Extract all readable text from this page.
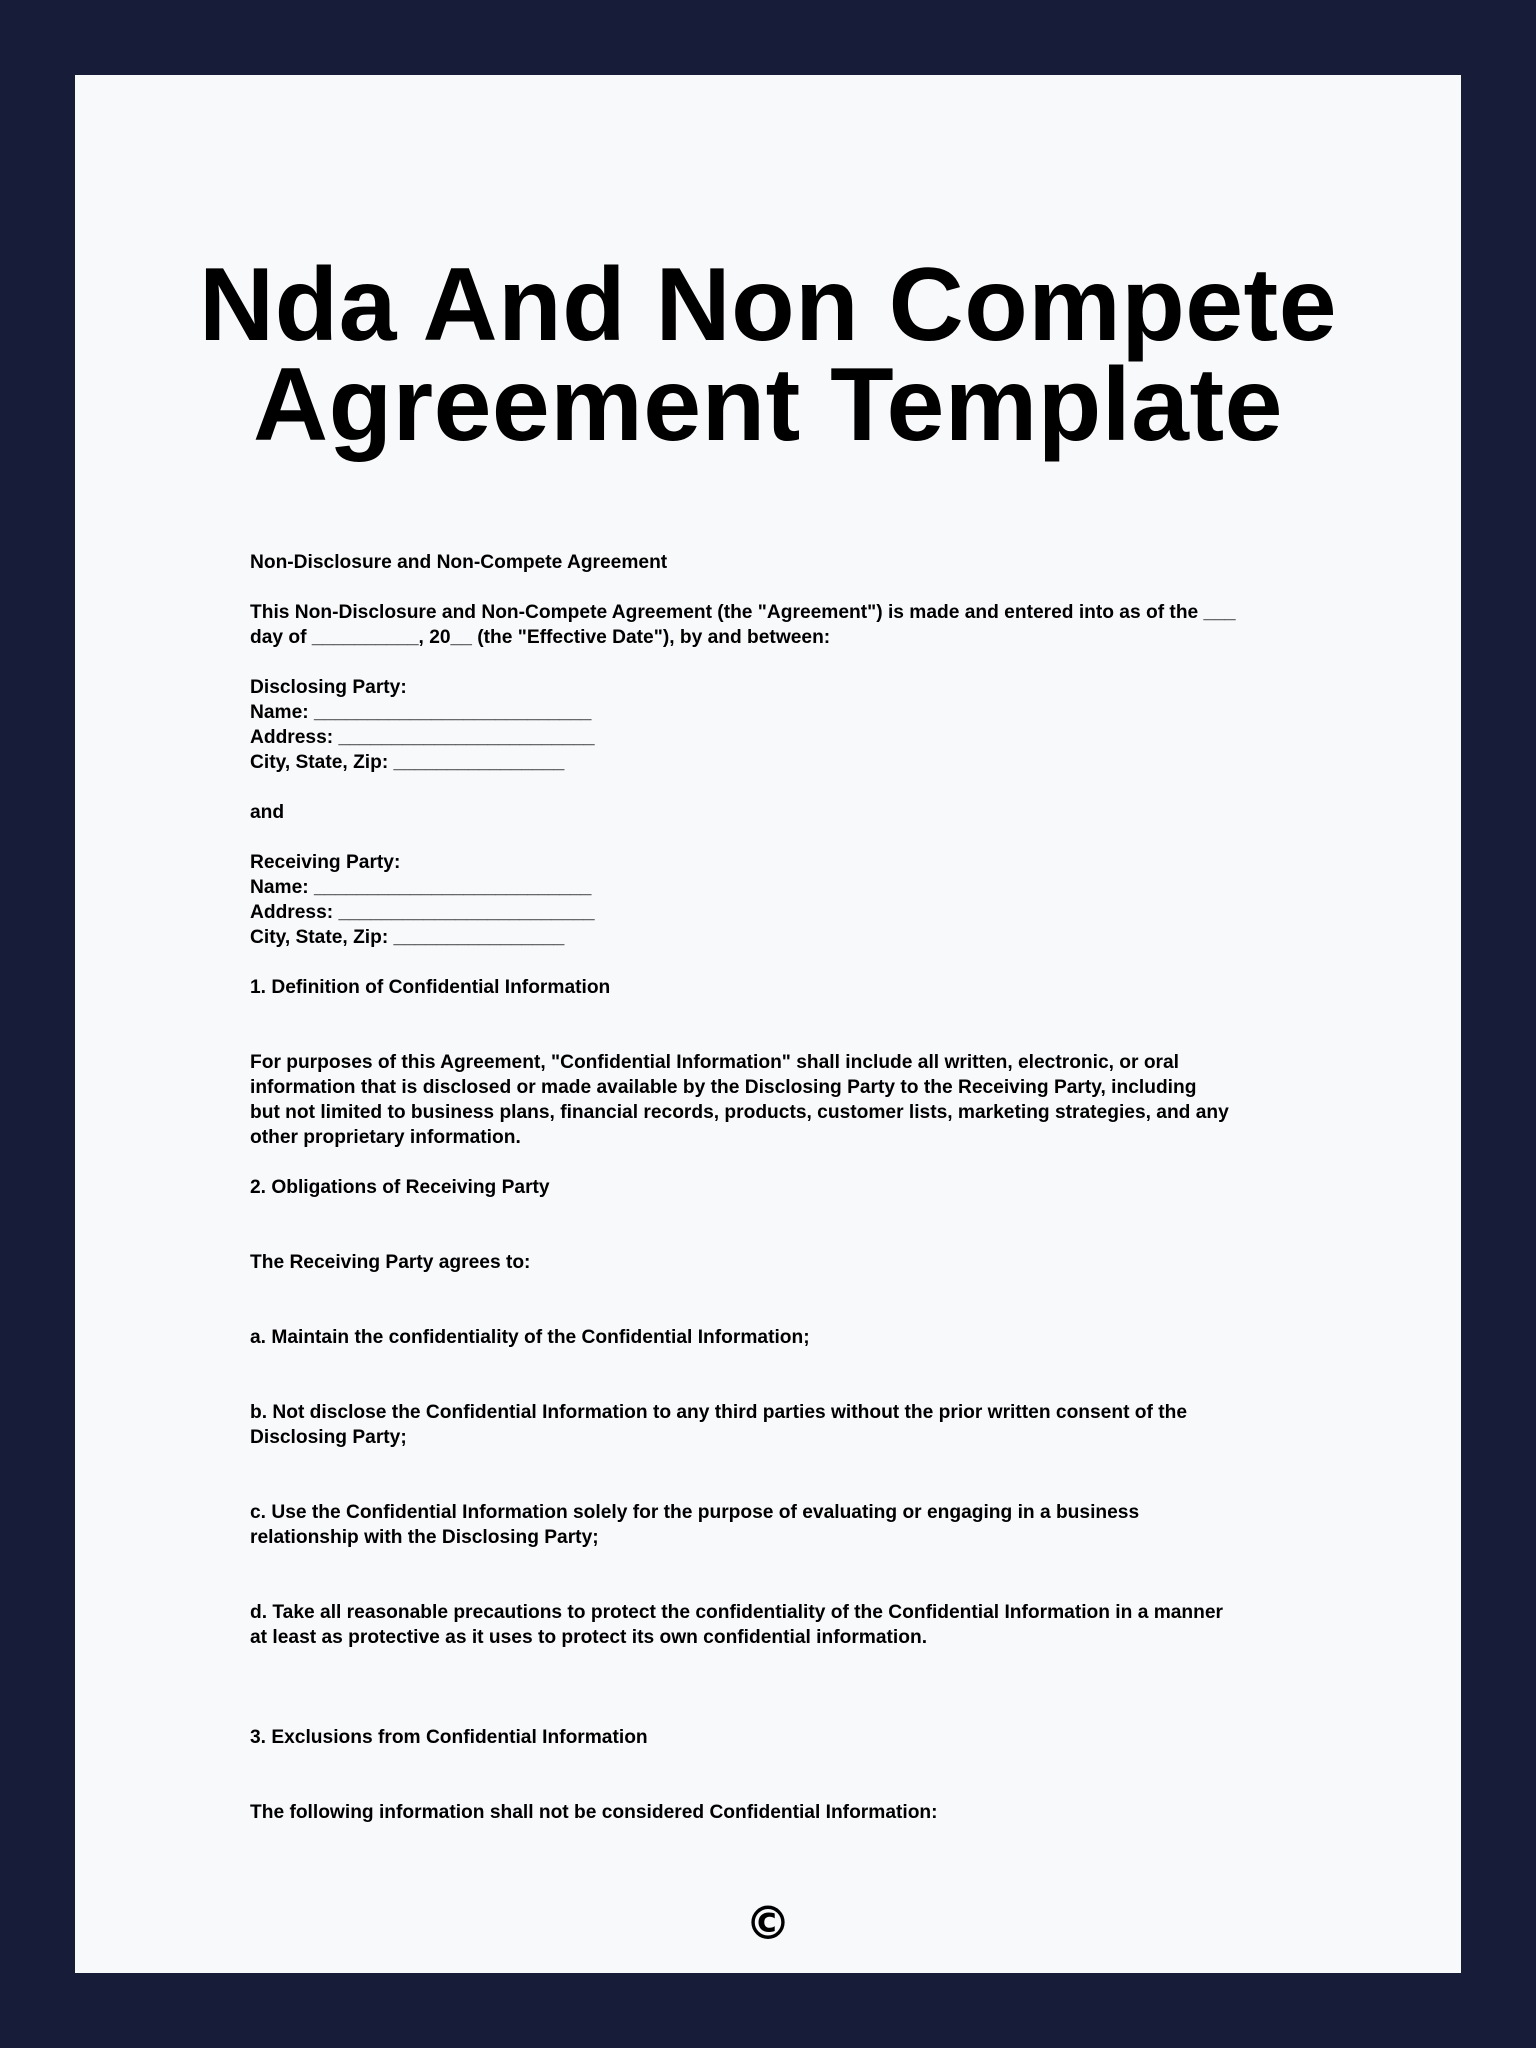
Nda And Non Compete
Agreement Template
Non-Disclosure and Non-Compete Agreement
This Non-Disclosure and Non-Compete Agreement (the "Agreement") is made and entered into as of the ___
day of __________, 20__ (the "Effective Date"), by and between:
Disclosing Party:
Name: __________________________
Address: ________________________
City, State, Zip: ________________
and
Receiving Party:
Name: __________________________
Address: ________________________
City, State, Zip: ________________
1. Definition of Confidential Information
For purposes of this Agreement, "Confidential Information" shall include all written, electronic, or oral
information that is disclosed or made available by the Disclosing Party to the Receiving Party, including
but not limited to business plans, financial records, products, customer lists, marketing strategies, and any
other proprietary information.
2. Obligations of Receiving Party
The Receiving Party agrees to:
a. Maintain the confidentiality of the Confidential Information;
b. Not disclose the Confidential Information to any third parties without the prior written consent of the
Disclosing Party;
c. Use the Confidential Information solely for the purpose of evaluating or engaging in a business
relationship with the Disclosing Party;
d. Take all reasonable precautions to protect the confidentiality of the Confidential Information in a manner
at least as protective as it uses to protect its own confidential information.
3. Exclusions from Confidential Information
The following information shall not be considered Confidential Information:
©
